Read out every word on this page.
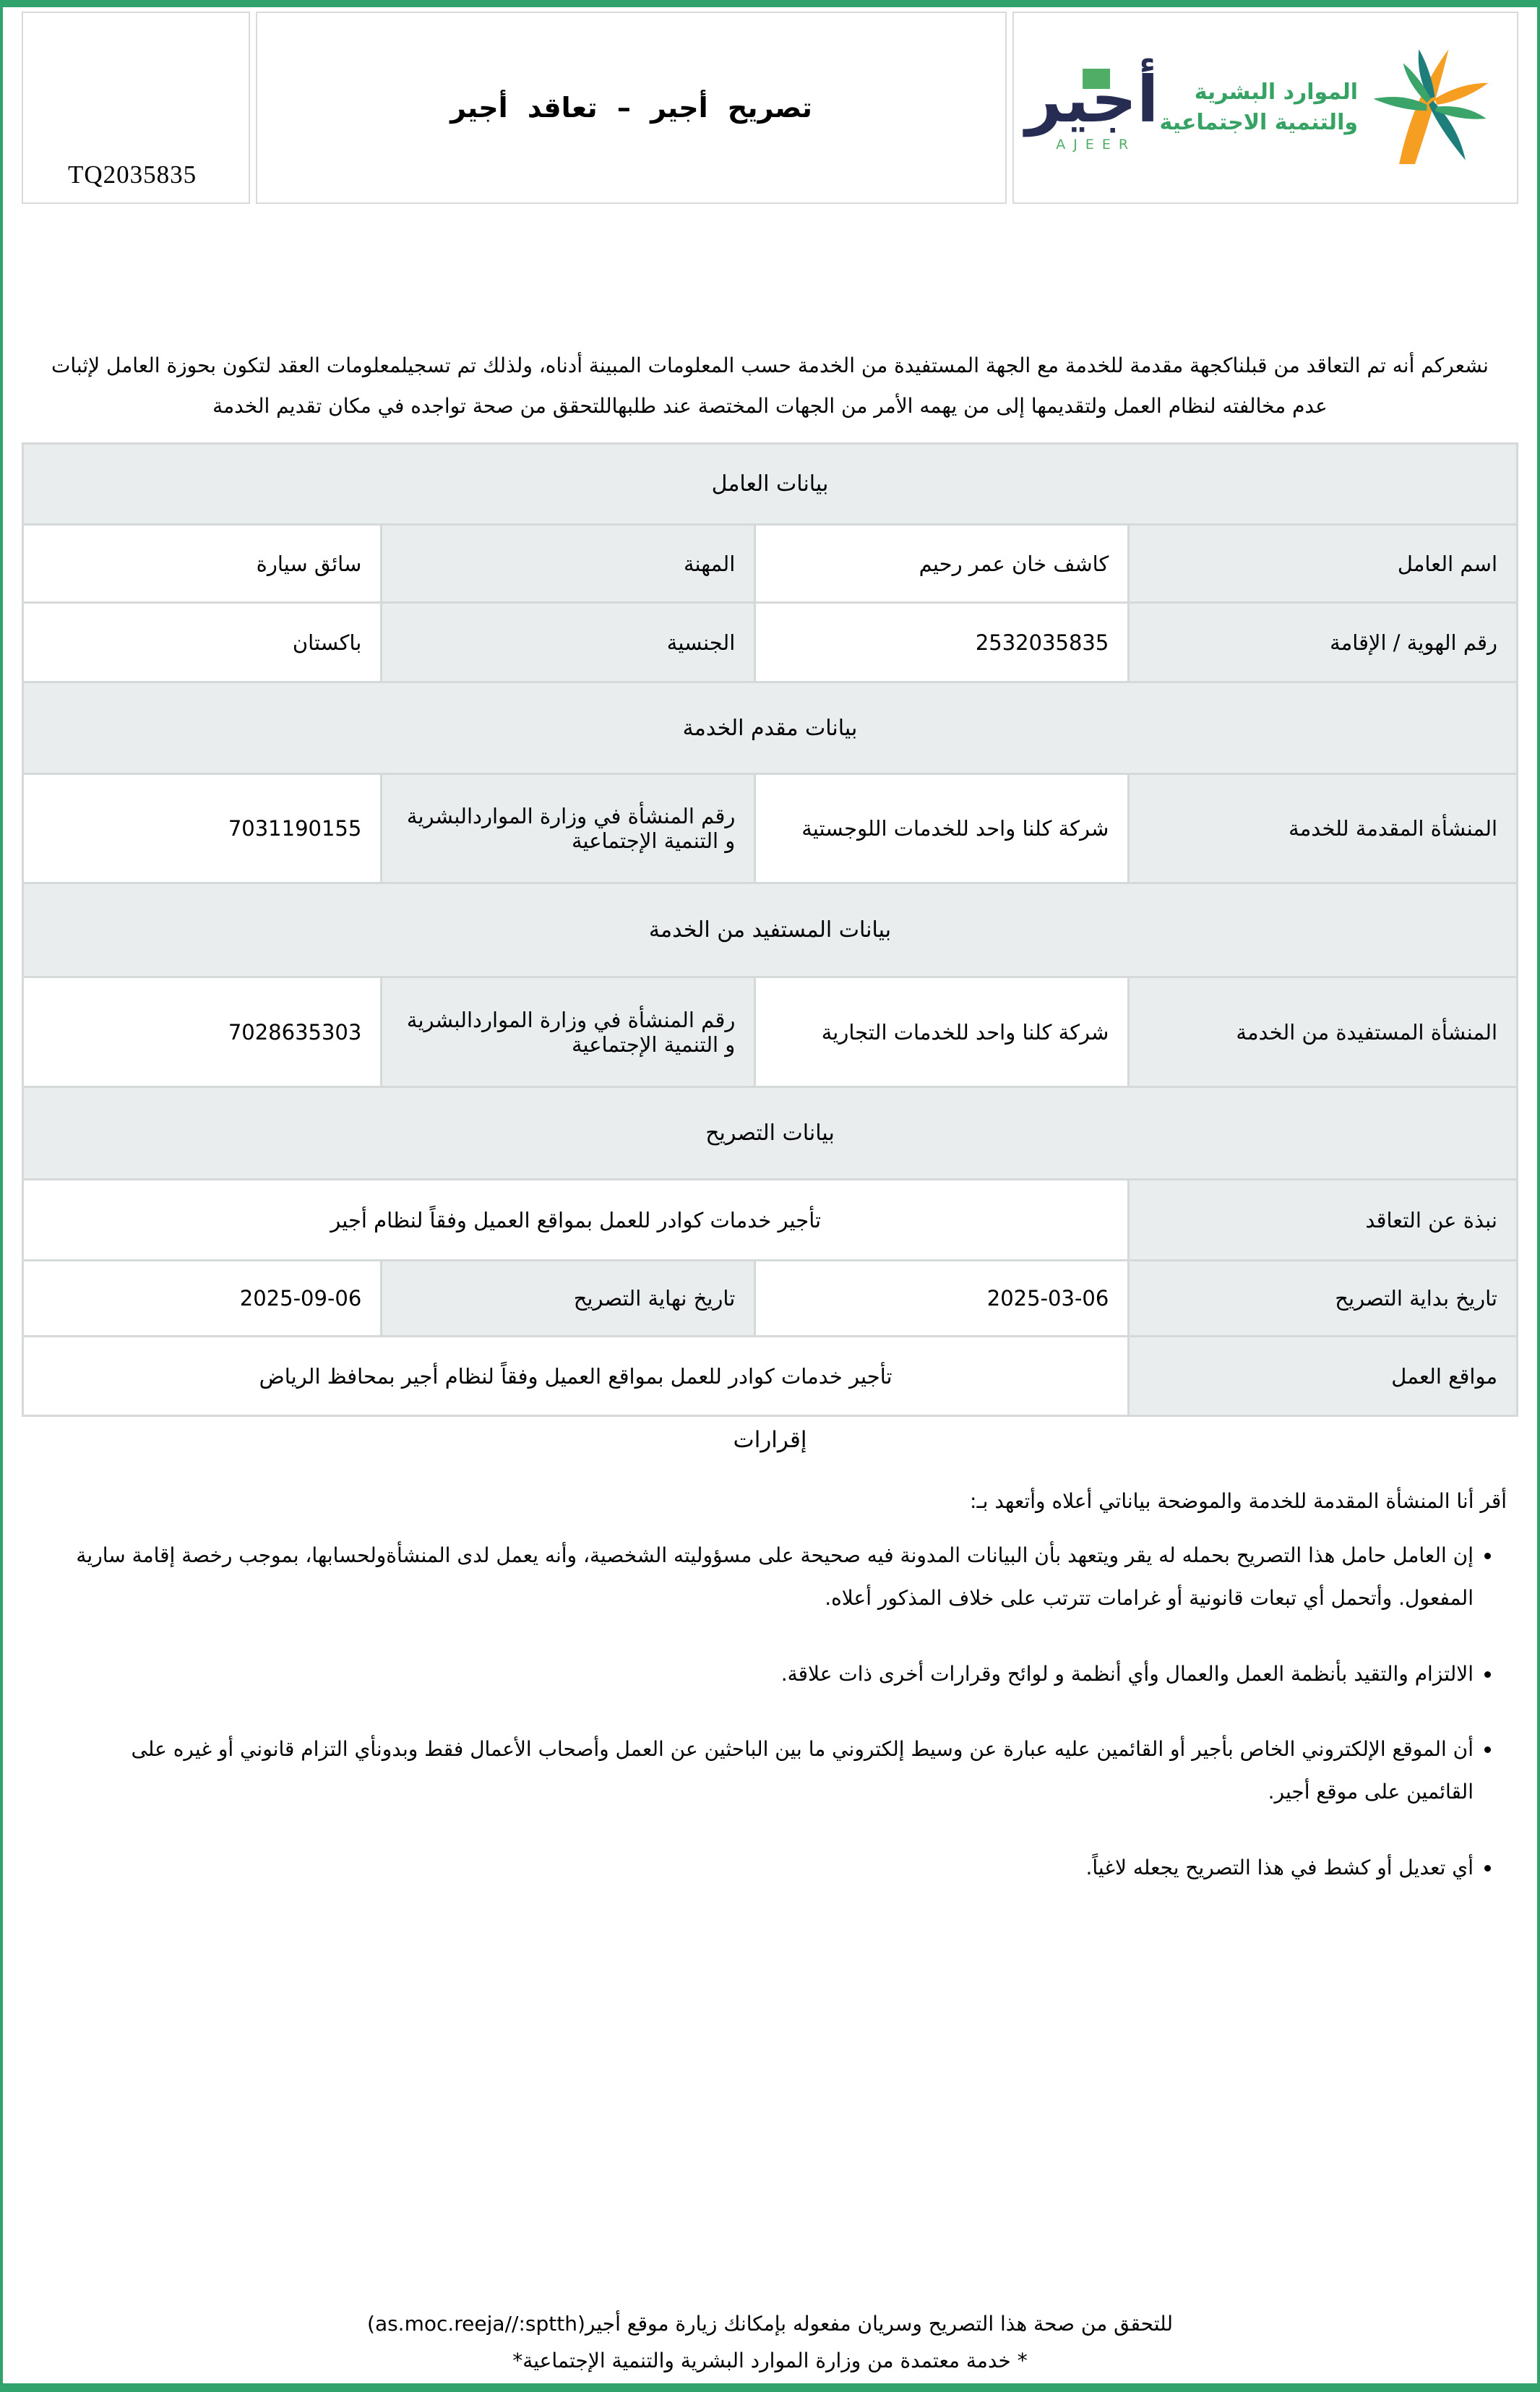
TQ2035835
تصريح أجير – تعاقد أجير	أجير
AJEER
الموارد البشرية
والتنمية الاجتماعية

نشعركم أنه تم التعاقد من قبلناكجهة مقدمة للخدمة مع الجهة المستفيدة من الخدمة حسب المعلومات المبينة أدناه، ولذلك تم تسجيلمعلومات العقد لتكون بحوزة العامل لإثبات عدم مخالفته لنظام العمل ولتقديمها إلى من يهمه الأمر من الجهات المختصة عند طلبهاللتحقق من صحة تواجده في مكان تقديم الخدمة

بيانات العامل			
اسم العامل	كاشف خان عمر رحيم	المهنة	سائق سيارة
رقم الهوية / الإقامة	2532035835	الجنسية	باكستان
بيانات مقدم الخدمة			
المنشأة المقدمة للخدمة	شركة كلنا واحد للخدمات اللوجستية	رقم المنشأة في وزارة المواردالبشرية و التنمية الإجتماعية	7031190155
بيانات المستفيد من الخدمة			
المنشأة المستفيدة من الخدمة	شركة كلنا واحد للخدمات التجارية	رقم المنشأة في وزارة المواردالبشرية و التنمية الإجتماعية	7028635303
بيانات التصريح			
نبذة عن التعاقد	تأجير خدمات كوادر للعمل بمواقع العميل وفقاً لنظام أجير		
تاريخ بداية التصريح	2025-03-06	تاريخ نهاية التصريح	2025-09-06
مواقع العمل	تأجير خدمات كوادر للعمل بمواقع العميل وفقاً لنظام أجير بمحافظ الرياض		
إقرارات

أقر أنا المنشأة المقدمة للخدمة والموضحة بياناتي أعلاه وأتعهد بـ:

• إن العامل حامل هذا التصريح بحمله له يقر ويتعهد بأن البيانات المدونة فيه صحيحة على مسؤوليته الشخصية، وأنه يعمل لدى المنشأةولحسابها، بموجب رخصة إقامة سارية المفعول. وأتحمل أي تبعات قانونية أو غرامات تترتب على خلاف المذكور أعلاه.
• الالتزام والتقيد بأنظمة العمل والعمال وأي أنظمة و لوائح وقرارات أخرى ذات علاقة.
• أن الموقع الإلكتروني الخاص بأجير أو القائمين عليه عبارة عن وسيط إلكتروني ما بين الباحثين عن العمل وأصحاب الأعمال فقط وبدونأي التزام قانوني أو غيره على القائمين على موقع أجير.
• أي تعديل أو كشط في هذا التصريح يجعله لاغياً.
للتحقق من صحة هذا التصريح وسريان مفعوله بإمكانك زيارة موقع أجير(as.moc.reeja//:sptth)
* خدمة معتمدة من وزارة الموارد البشرية والتنمية الإجتماعية*
